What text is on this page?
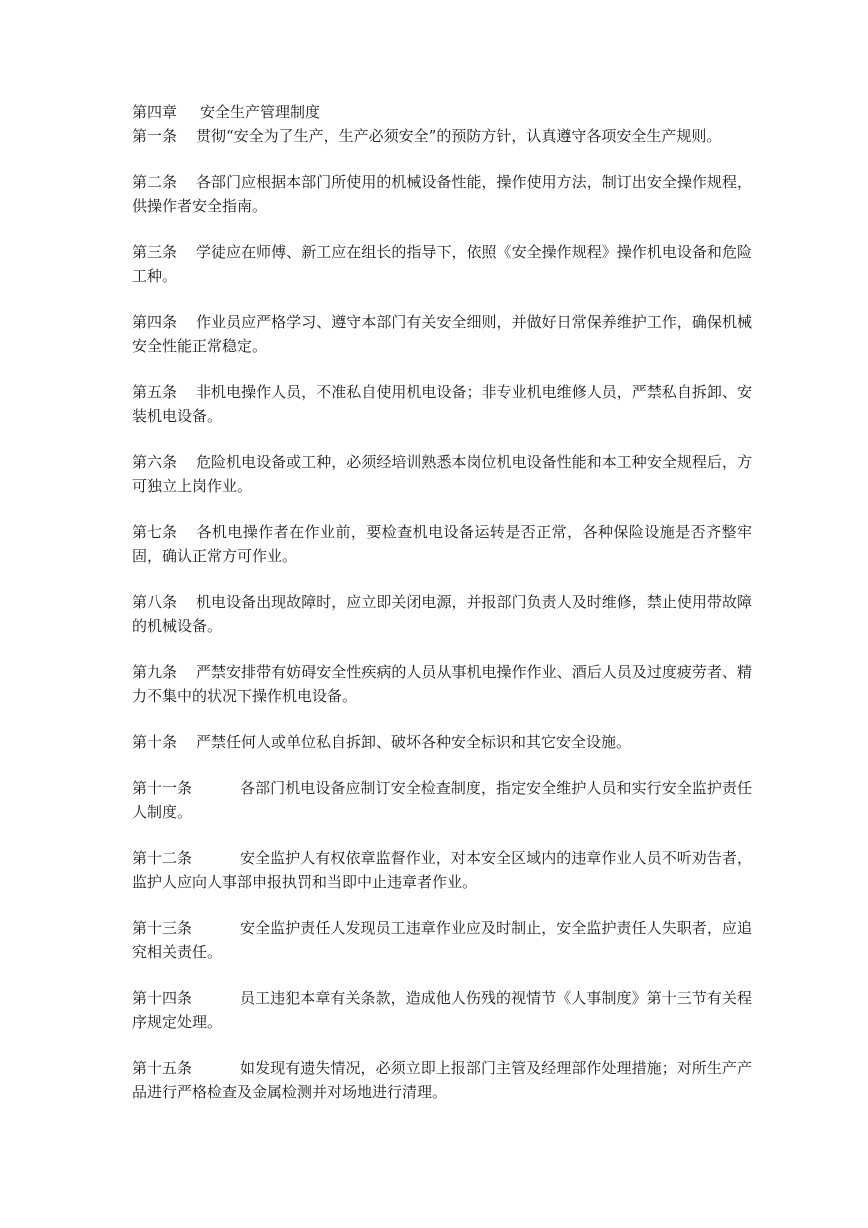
第四章 安全生产管理制度

第一条 贯彻“安全为了生产，生产必须安全”的预防方针，认真遵守各项安全生产规则。

第二条 各部门应根据本部门所使用的机械设备性能，操作使用方法，制订出安全操作规程，供操作者安全指南。

第三条 学徒应在师傅、新工应在组长的指导下，依照《安全操作规程》操作机电设备和危险工种。

第四条 作业员应严格学习、遵守本部门有关安全细则，并做好日常保养维护工作，确保机械安全性能正常稳定。

第五条 非机电操作人员，不准私自使用机电设备；非专业机电维修人员，严禁私自拆卸、安装机电设备。

第六条 危险机电设备或工种，必须经培训熟悉本岗位机电设备性能和本工种安全规程后，方可独立上岗作业。

第七条 各机电操作者在作业前，要检查机电设备运转是否正常，各种保险设施是否齐整牢固，确认正常方可作业。

第八条 机电设备出现故障时，应立即关闭电源，并报部门负责人及时维修，禁止使用带故障的机械设备。

第九条 严禁安排带有妨碍安全性疾病的人员从事机电操作作业、酒后人员及过度疲劳者、精力不集中的状况下操作机电设备。

第十条 严禁任何人或单位私自拆卸、破坏各种安全标识和其它安全设施。

第十一条	各部门机电设备应制订安全检查制度，指定安全维护人员和实行安全监护责任人制度。

第十二条	安全监护人有权依章监督作业，对本安全区域内的违章作业人员不听劝告者，监护人应向人事部申报执罚和当即中止违章者作业。

第十三条	安全监护责任人发现员工违章作业应及时制止，安全监护责任人失职者，应追究相关责任。

第十四条	员工违犯本章有关条款，造成他人伤残的视情节《人事制度》第十三节有关程序规定处理。

第十五条	如发现有遗失情况，必须立即上报部门主管及经理部作处理措施；对所生产产品进行严格检查及金属检测并对场地进行清理。
